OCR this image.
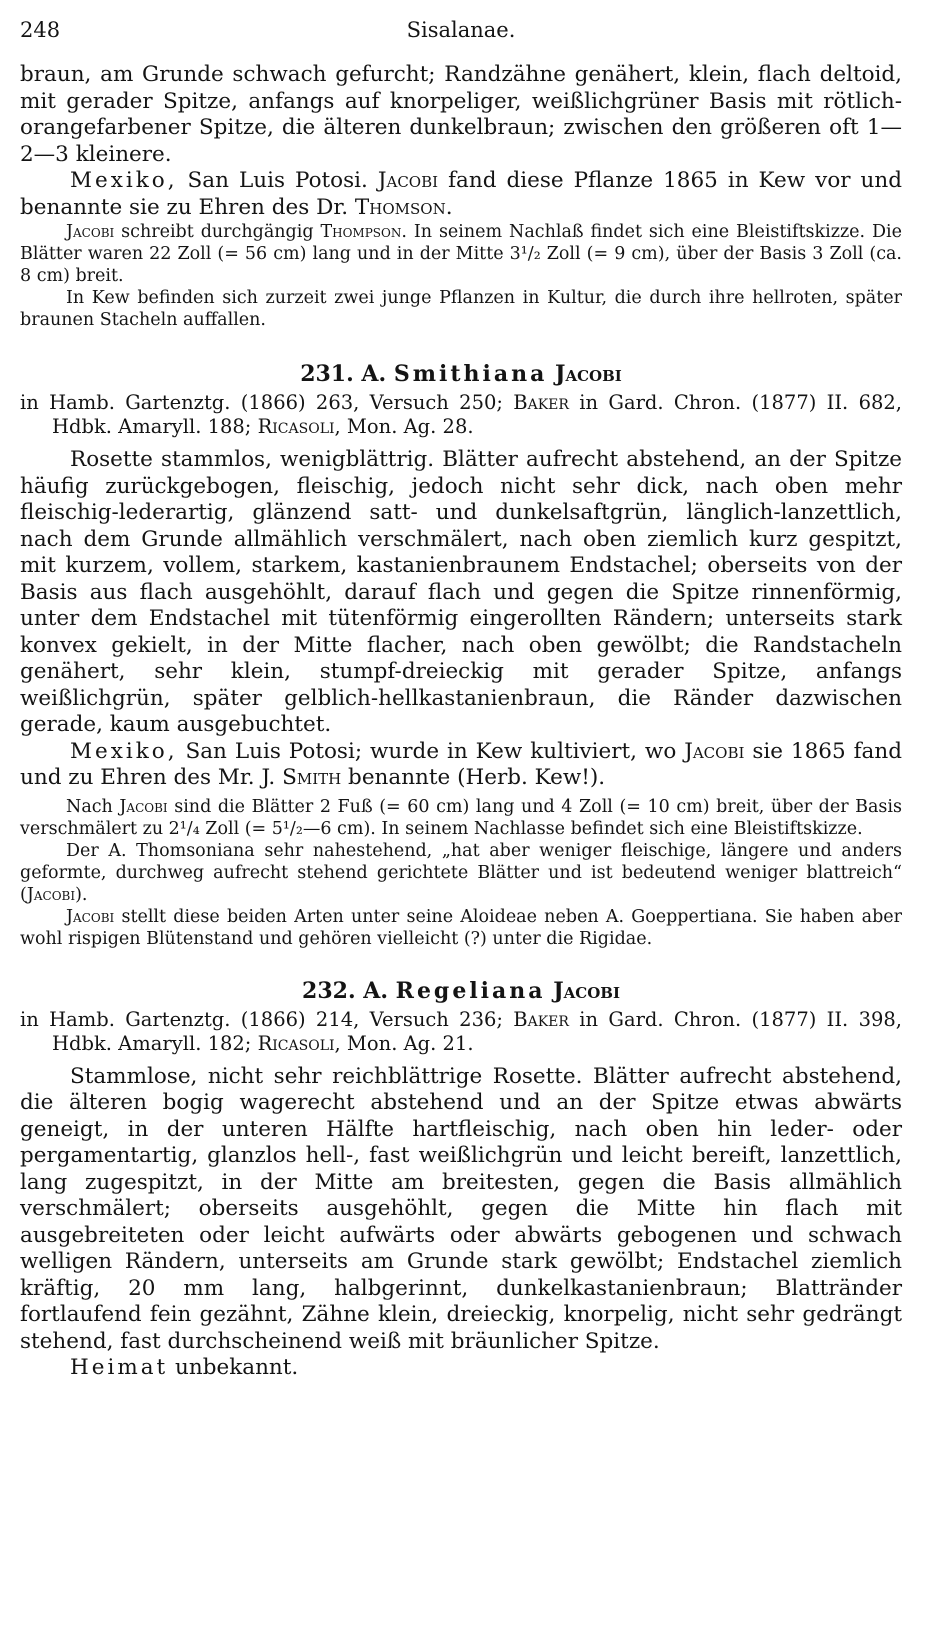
248	Sisalanae.

braun, am Grunde schwach gefurcht; Randzähne genähert, klein, flach deltoid, mit gerader Spitze, anfangs auf knorpeliger, weißlichgrüner Basis mit rötlich-orangefarbener Spitze, die älteren dunkelbraun; zwischen den größeren oft 1—2—3 kleinere.

Mexiko, San Luis Potosi. Jacobi fand diese Pflanze 1865 in Kew vor und benannte sie zu Ehren des Dr. Thomson.

Jacobi schreibt durchgängig Thompson. In seinem Nachlaß findet sich eine Bleistiftskizze. Die Blätter waren 22 Zoll (= 56 cm) lang und in der Mitte 3¹/₂ Zoll (= 9 cm), über der Basis 3 Zoll (ca. 8 cm) breit.

In Kew befinden sich zurzeit zwei junge Pflanzen in Kultur, die durch ihre hellroten, später braunen Stacheln auffallen.

231. A. Smithiana Jacobi

in Hamb. Gartenztg. (1866) 263, Versuch 250; Baker in Gard. Chron. (1877) II. 682, Hdbk. Amaryll. 188; Ricasoli, Mon. Ag. 28.

Rosette stammlos, wenigblättrig. Blätter aufrecht abstehend, an der Spitze häufig zurückgebogen, fleischig, jedoch nicht sehr dick, nach oben mehr fleischig-lederartig, glänzend satt- und dunkelsaftgrün, länglich-lanzettlich, nach dem Grunde allmählich verschmälert, nach oben ziemlich kurz gespitzt, mit kurzem, vollem, starkem, kastanienbraunem Endstachel; oberseits von der Basis aus flach ausgehöhlt, darauf flach und gegen die Spitze rinnenförmig, unter dem Endstachel mit tütenförmig eingerollten Rändern; unterseits stark konvex gekielt, in der Mitte flacher, nach oben gewölbt; die Randstacheln genähert, sehr klein, stumpf-dreieckig mit gerader Spitze, anfangs weißlichgrün, später gelblich-hellkastanienbraun, die Ränder dazwischen gerade, kaum ausgebuchtet.

Mexiko, San Luis Potosi; wurde in Kew kultiviert, wo Jacobi sie 1865 fand und zu Ehren des Mr. J. Smith benannte (Herb. Kew!).

Nach Jacobi sind die Blätter 2 Fuß (= 60 cm) lang und 4 Zoll (= 10 cm) breit, über der Basis verschmälert zu 2¹/₄ Zoll (= 5¹/₂—6 cm). In seinem Nachlasse befindet sich eine Bleistiftskizze.

Der A. Thomsoniana sehr nahestehend, „hat aber weniger fleischige, längere und anders geformte, durchweg aufrecht stehend gerichtete Blätter und ist bedeutend weniger blattreich“ (Jacobi).

Jacobi stellt diese beiden Arten unter seine Aloideae neben A. Goeppertiana. Sie haben aber wohl rispigen Blütenstand und gehören vielleicht (?) unter die Rigidae.

232. A. Regeliana Jacobi

in Hamb. Gartenztg. (1866) 214, Versuch 236; Baker in Gard. Chron. (1877) II. 398, Hdbk. Amaryll. 182; Ricasoli, Mon. Ag. 21.

Stammlose, nicht sehr reichblättrige Rosette. Blätter aufrecht abstehend, die älteren bogig wagerecht abstehend und an der Spitze etwas abwärts geneigt, in der unteren Hälfte hartfleischig, nach oben hin leder- oder pergamentartig, glanzlos hell-, fast weißlichgrün und leicht bereift, lanzettlich, lang zugespitzt, in der Mitte am breitesten, gegen die Basis allmählich verschmälert; oberseits ausgehöhlt, gegen die Mitte hin flach mit ausgebreiteten oder leicht aufwärts oder abwärts gebogenen und schwach welligen Rändern, unterseits am Grunde stark gewölbt; Endstachel ziemlich kräftig, 20 mm lang, halbgerinnt, dunkelkastanienbraun; Blattränder fortlaufend fein gezähnt, Zähne klein, dreieckig, knorpelig, nicht sehr gedrängt stehend, fast durchscheinend weiß mit bräunlicher Spitze.

Heimat unbekannt.
